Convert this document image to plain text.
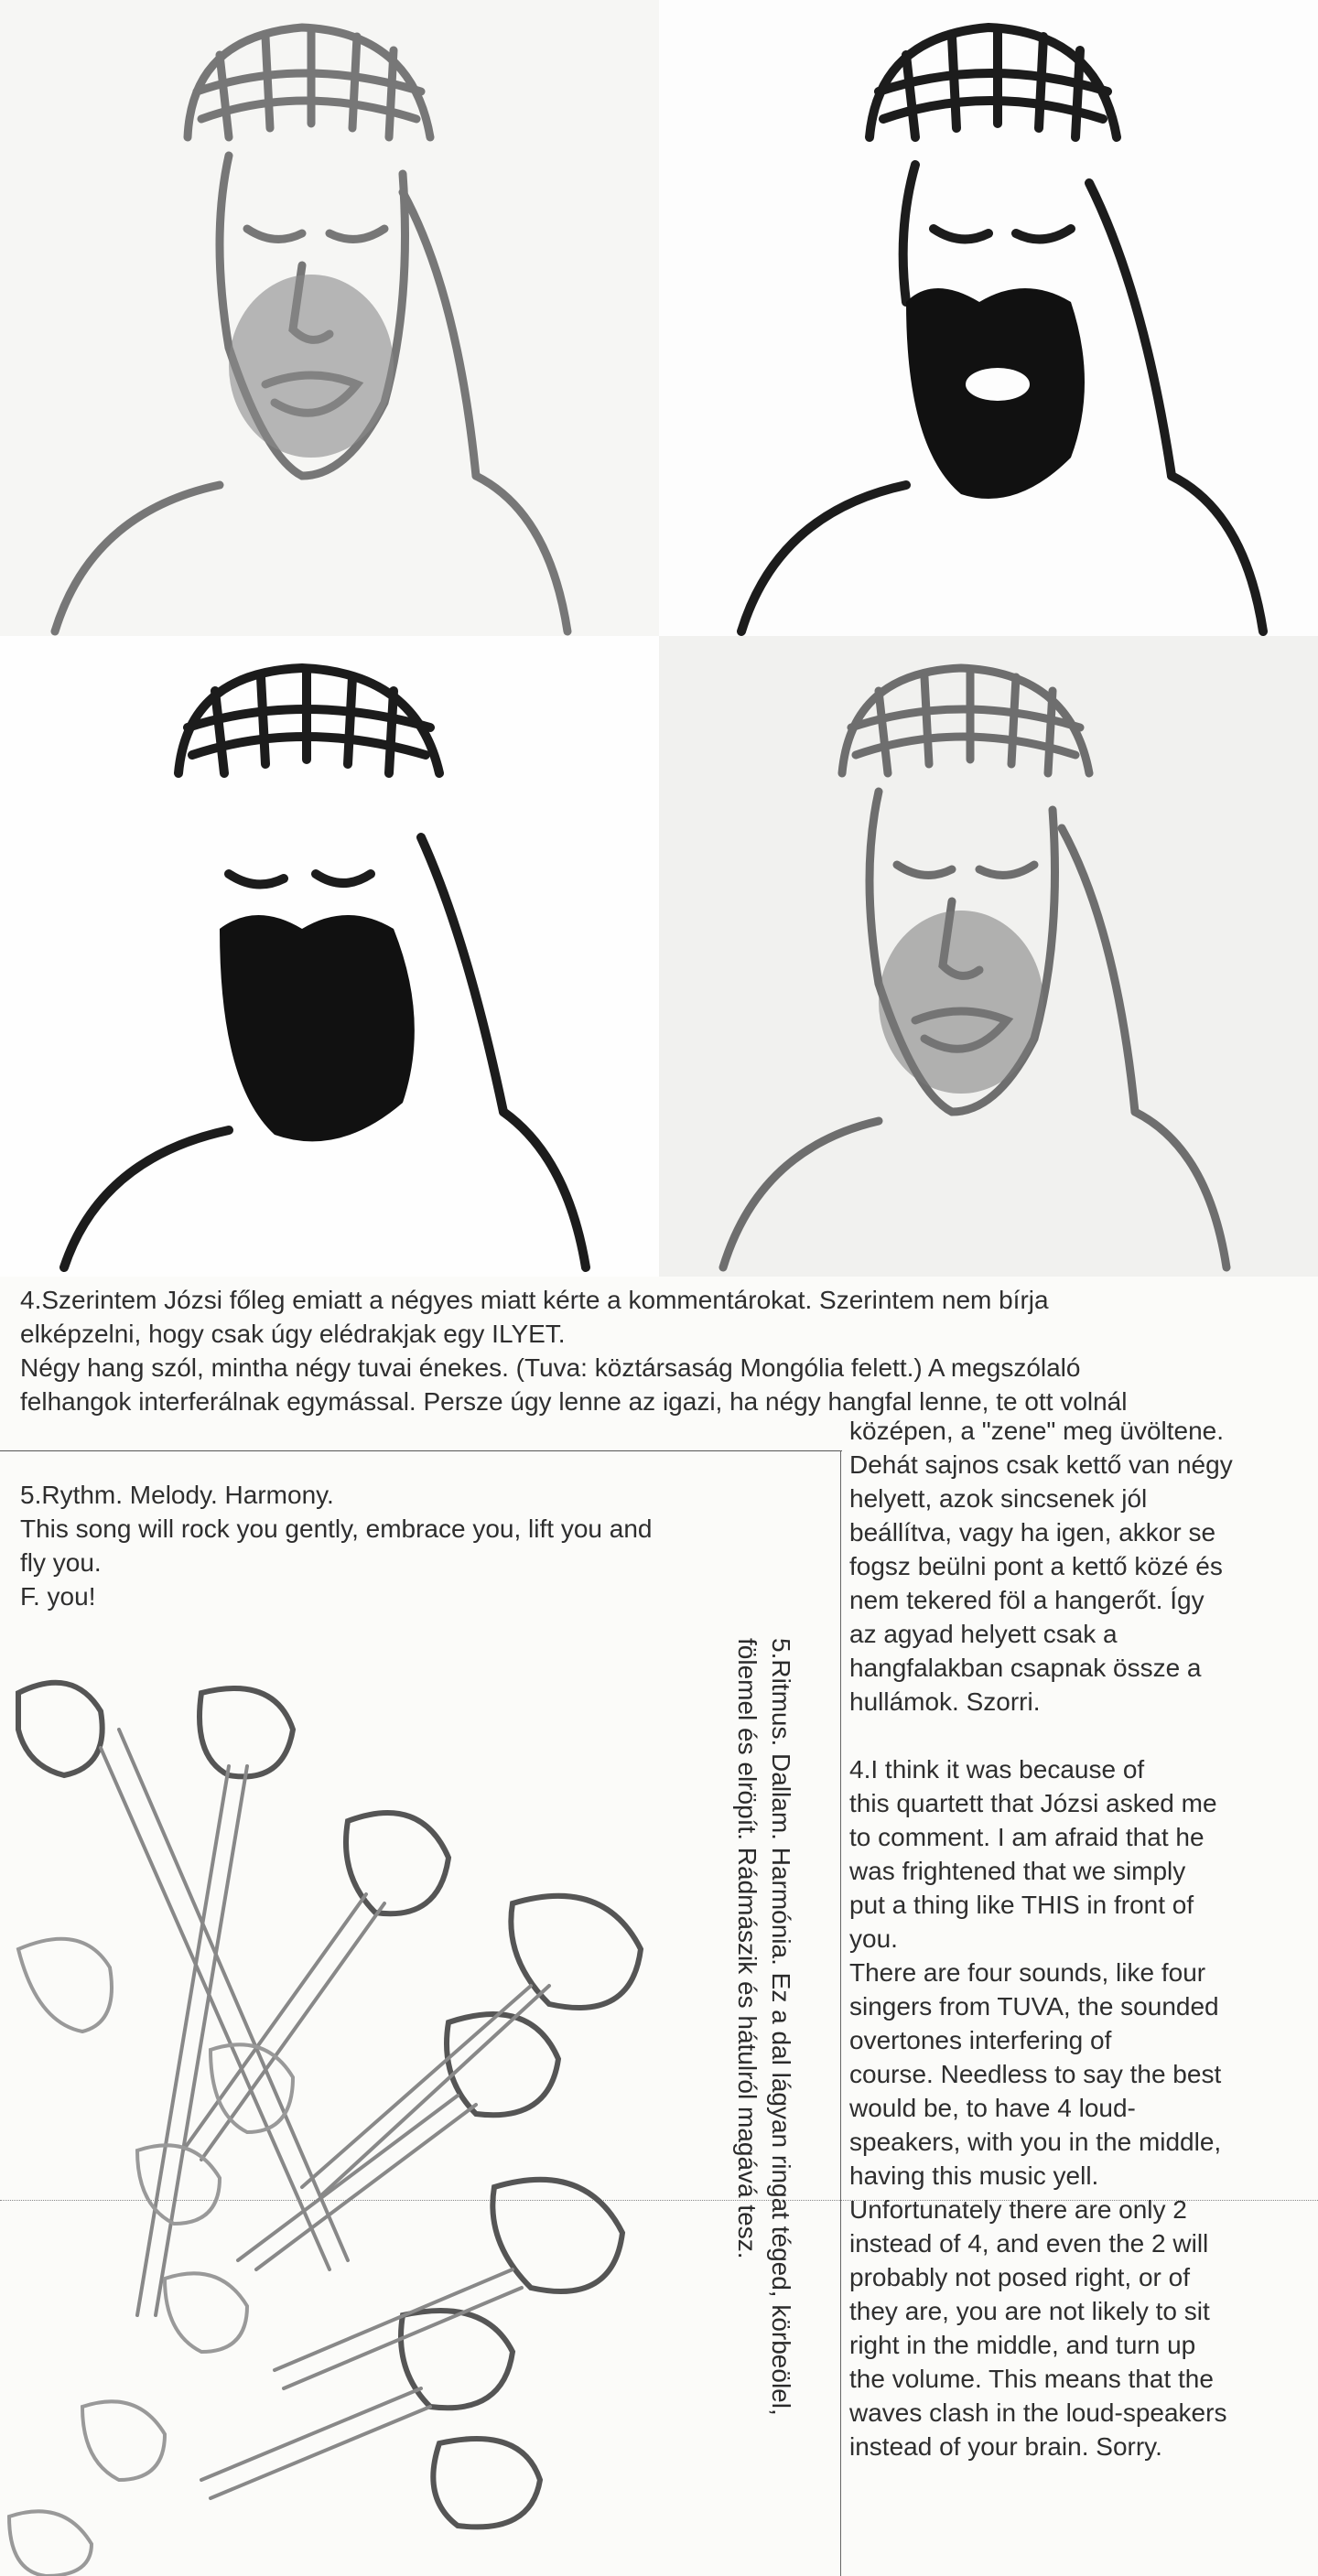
4.Szerintem Józsi főleg emiatt a négyes miatt kérte a kommentárokat. Szerintem nem bírja

elképzelni, hogy csak úgy elédrakjak egy ILYET.

Négy hang szól, mintha négy tuvai énekes. (Tuva: köztársaság Mongólia felett.) A megszólaló

felhangok interferálnak egymással. Persze úgy lenne az igazi, ha négy hangfal lenne, te ott volnál

5.Rythm. Melody. Harmony.

This song will rock you gently, embrace you, lift you and

fly you.

F. you!

középen, a "zene" meg üvöltene.
Dehát sajnos csak kettő van négy
helyett, azok sincsenek jól
beállítva, vagy ha igen, akkor se
fogsz beülni pont a kettő közé és
nem tekered föl a hangerőt. Így
az agyad helyett csak a
hangfalakban csapnak össze a
hullámok. Szorri.

4.I think it was because of
this quartett that Józsi asked me
to comment. I am afraid that he
was frightened that we simply
put a thing like THIS in front of
you.
There are four sounds, like four
singers from TUVA, the sounded
overtones interfering of
course. Needless to say the best
would be, to have 4 loud-
speakers, with you in the middle,
having this music yell.
Unfortunately there are only 2
instead of 4, and even the 2 will
probably not posed right, or of
they are, you are not likely to sit
right in the middle, and turn up
the volume. This means that the
waves clash in the loud-speakers
instead of your brain. Sorry.

5.Ritmus. Dallam. Harmónia. Ez a dal lágyan ringat téged, körbeölel,
fölemel és elröpít. Rádmászik és hátulról magává tesz.
